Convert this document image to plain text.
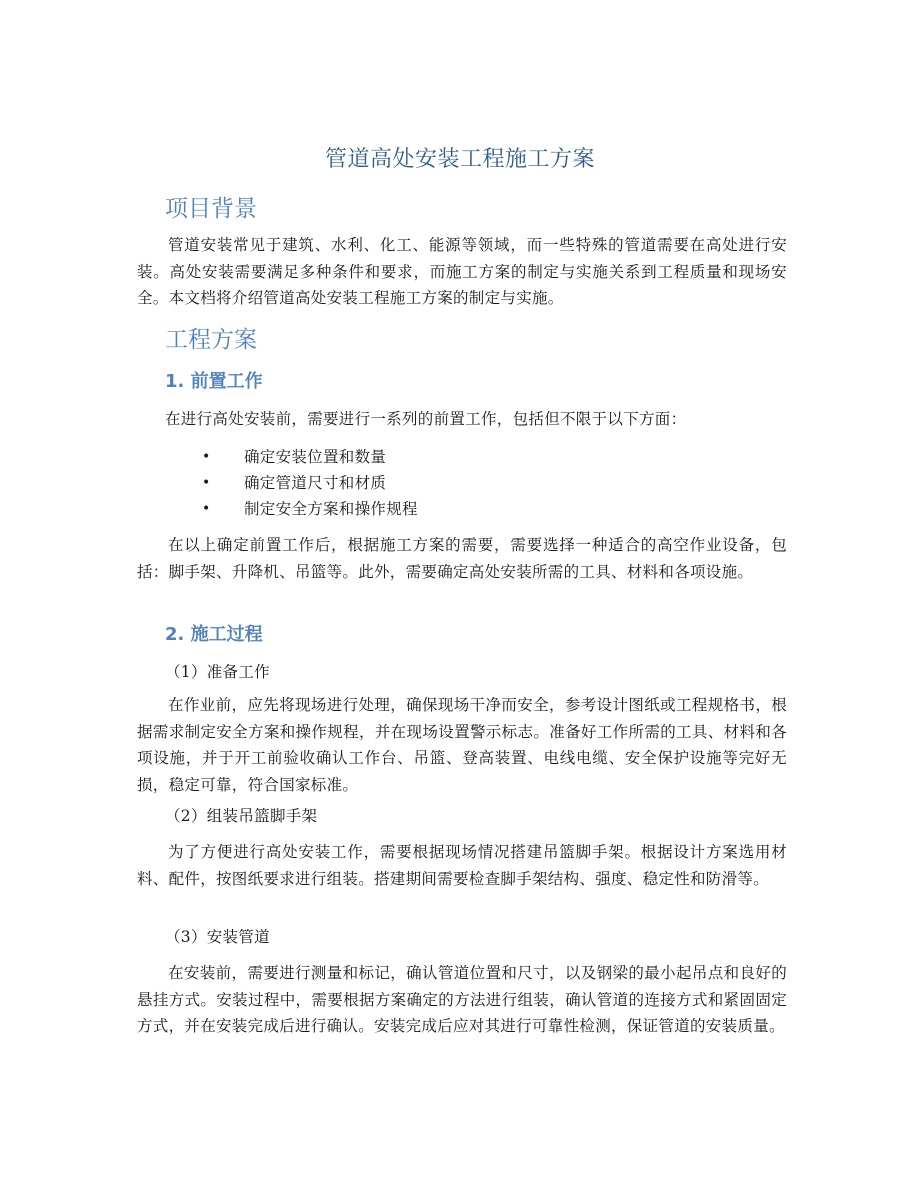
管道高处安装工程施工方案
项目背景
管道安装常见于建筑、水利、化工、能源等领域，而一些特殊的管道需要在高处进行安装。高处安装需要满足多种条件和要求，而施工方案的制定与实施关系到工程质量和现场安全。本文档将介绍管道高处安装工程施工方案的制定与实施。
工程方案
1. 前置工作
在进行高处安装前，需要进行一系列的前置工作，包括但不限于以下方面：
• 确定安装位置和数量
• 确定管道尺寸和材质
• 制定安全方案和操作规程
在以上确定前置工作后，根据施工方案的需要，需要选择一种适合的高空作业设备，包括：脚手架、升降机、吊篮等。此外，需要确定高处安装所需的工具、材料和各项设施。
2. 施工过程
（1）准备工作
在作业前，应先将现场进行处理，确保现场干净而安全，参考设计图纸或工程规格书，根据需求制定安全方案和操作规程，并在现场设置警示标志。准备好工作所需的工具、材料和各项设施，并于开工前验收确认工作台、吊篮、登高装置、电线电缆、安全保护设施等完好无损，稳定可靠，符合国家标准。
（2）组装吊篮脚手架
为了方便进行高处安装工作，需要根据现场情况搭建吊篮脚手架。根据设计方案选用材料、配件，按图纸要求进行组装。搭建期间需要检查脚手架结构、强度、稳定性和防滑等。
（3）安装管道
在安装前，需要进行测量和标记，确认管道位置和尺寸，以及钢梁的最小起吊点和良好的悬挂方式。安装过程中，需要根据方案确定的方法进行组装，确认管道的连接方式和紧固固定方式，并在安装完成后进行确认。安装完成后应对其进行可靠性检测，保证管道的安装质量。
